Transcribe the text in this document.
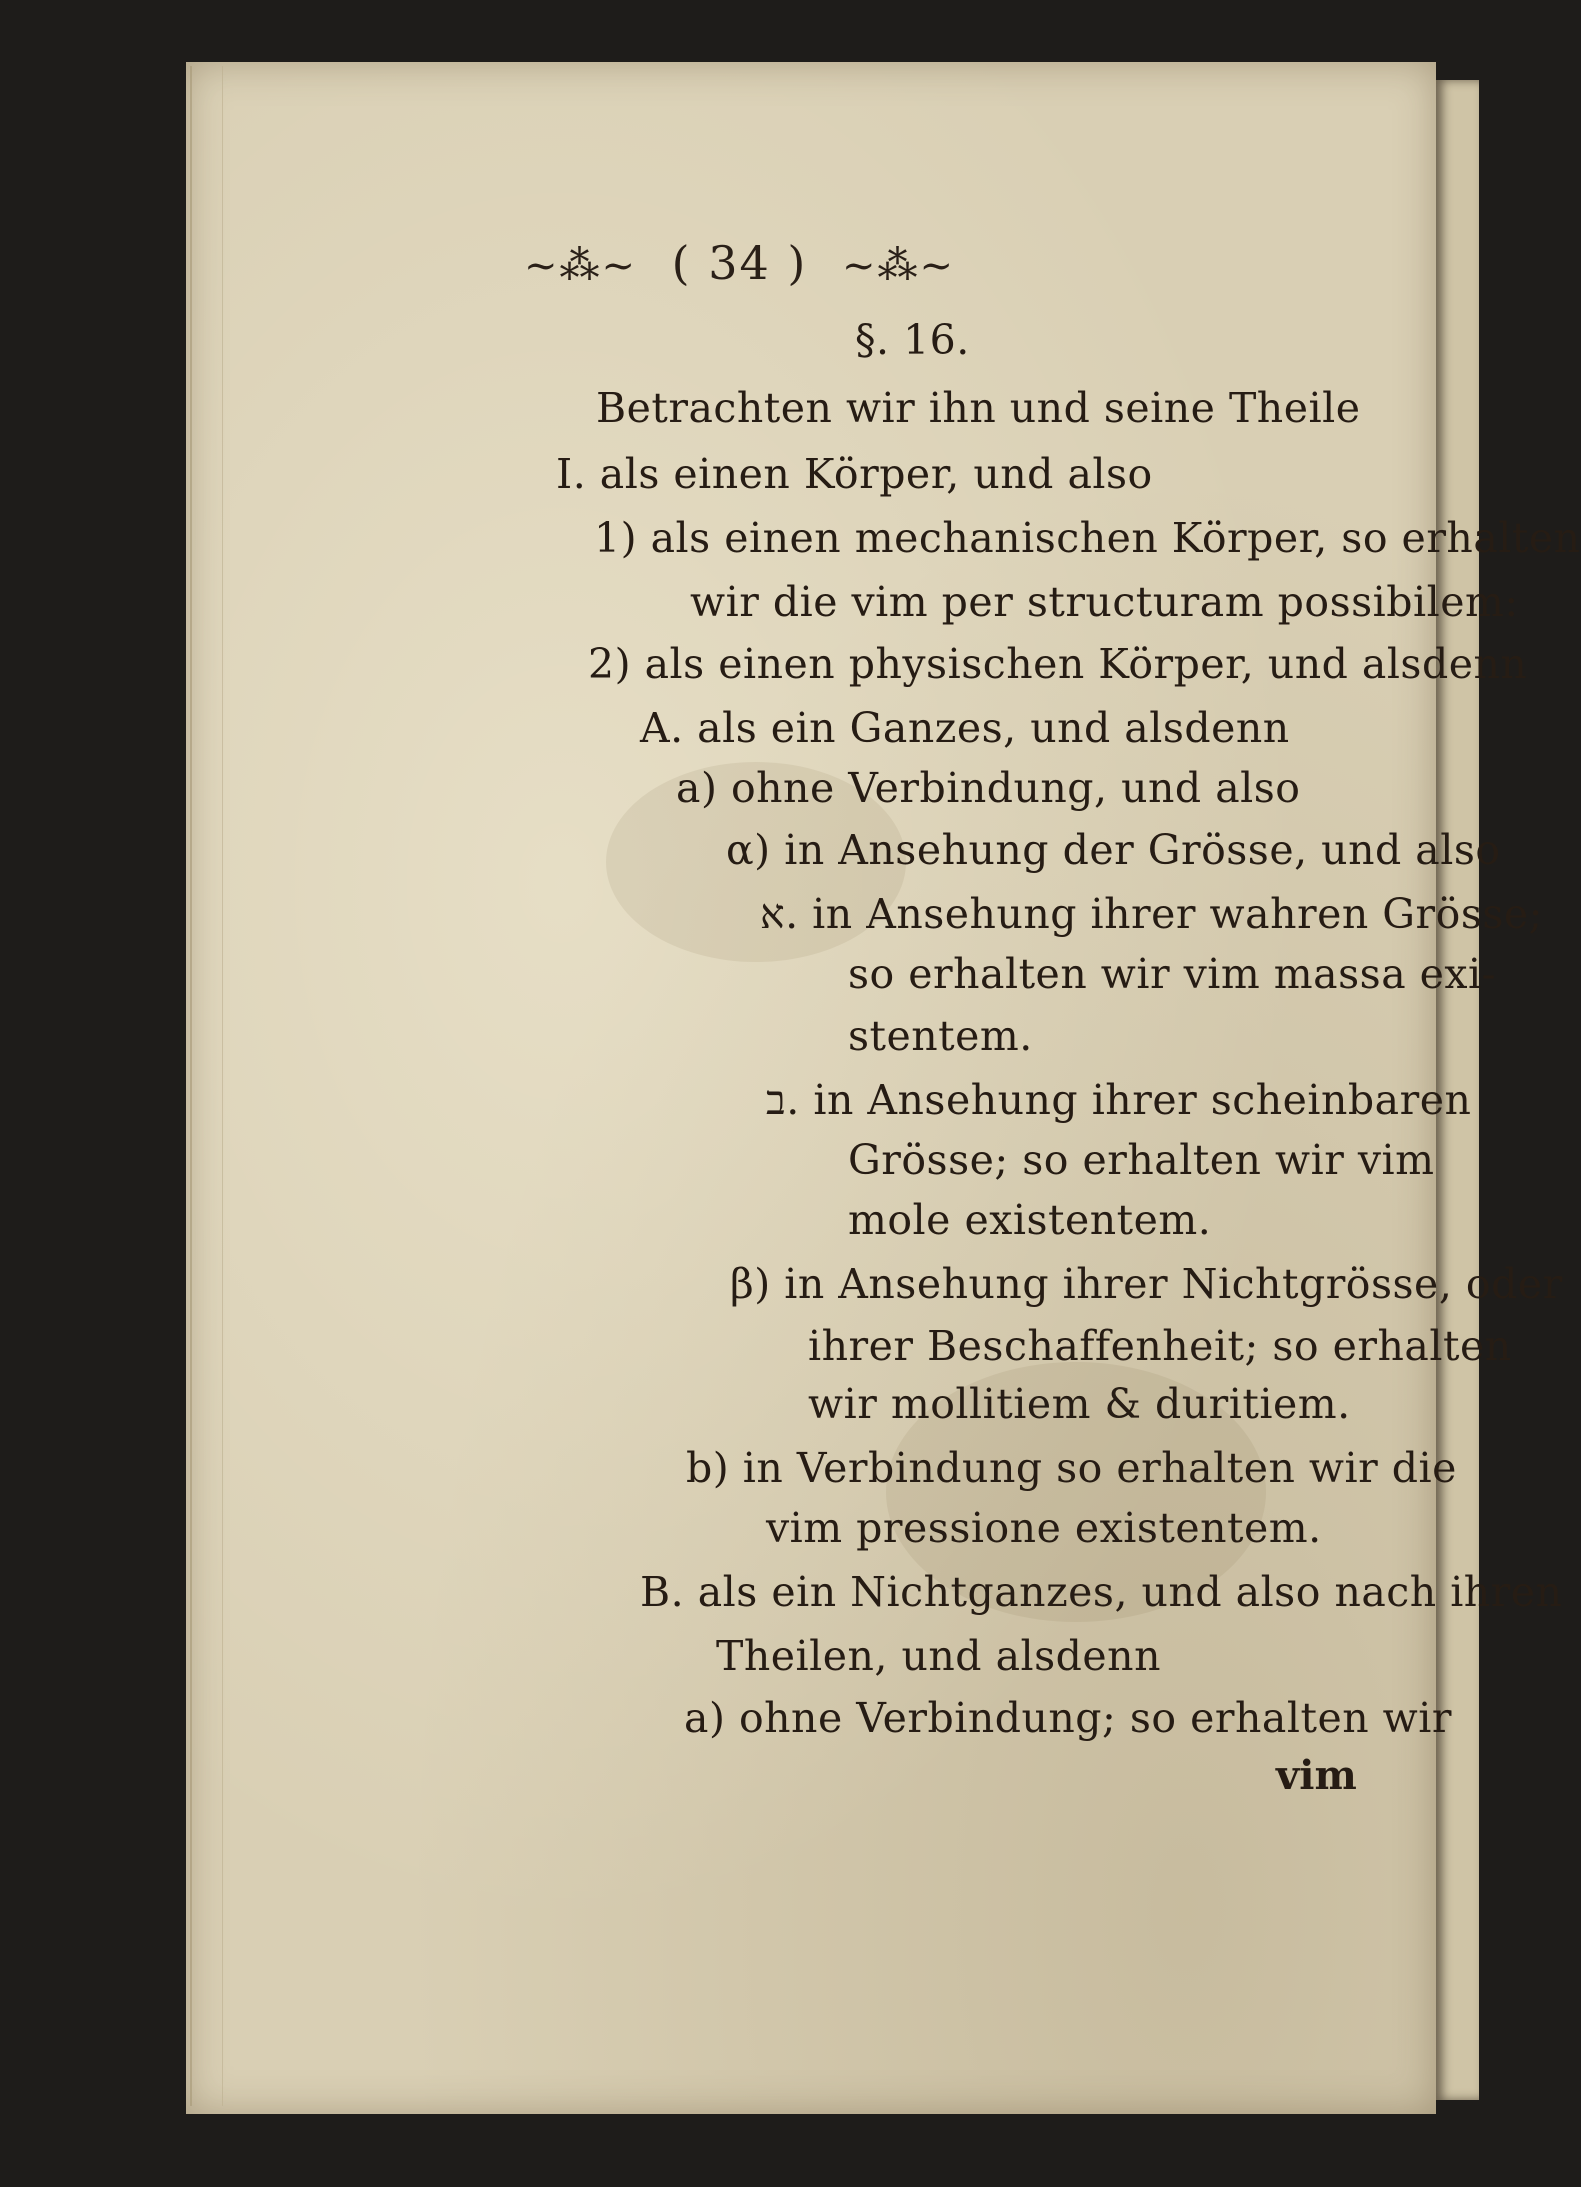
~⁂~ ( 34 ) ~⁂~
§. 16.
Betrachten wir ihn und seine Theile
I. als einen Körper, und also
1) als einen mechanischen Körper, so erhalten
wir die vim per structuram possibilem:
2) als einen physischen Körper, und alsdenn
A. als ein Ganzes, und alsdenn
a) ohne Verbindung, und also
α) in Ansehung der Grösse, und also
א. in Ansehung ihrer wahren Grösse;
so erhalten wir vim massa exi-
stentem.
ב. in Ansehung ihrer scheinbaren
Grösse; so erhalten wir vim
mole existentem.
β) in Ansehung ihrer Nichtgrösse, oder
ihrer Beschaffenheit; so erhalten
wir mollitiem & duritiem.
b) in Verbindung so erhalten wir die
vim pressione existentem.
B. als ein Nichtganzes, und also nach ihren
Theilen, und alsdenn
a) ohne Verbindung; so erhalten wir
vim
